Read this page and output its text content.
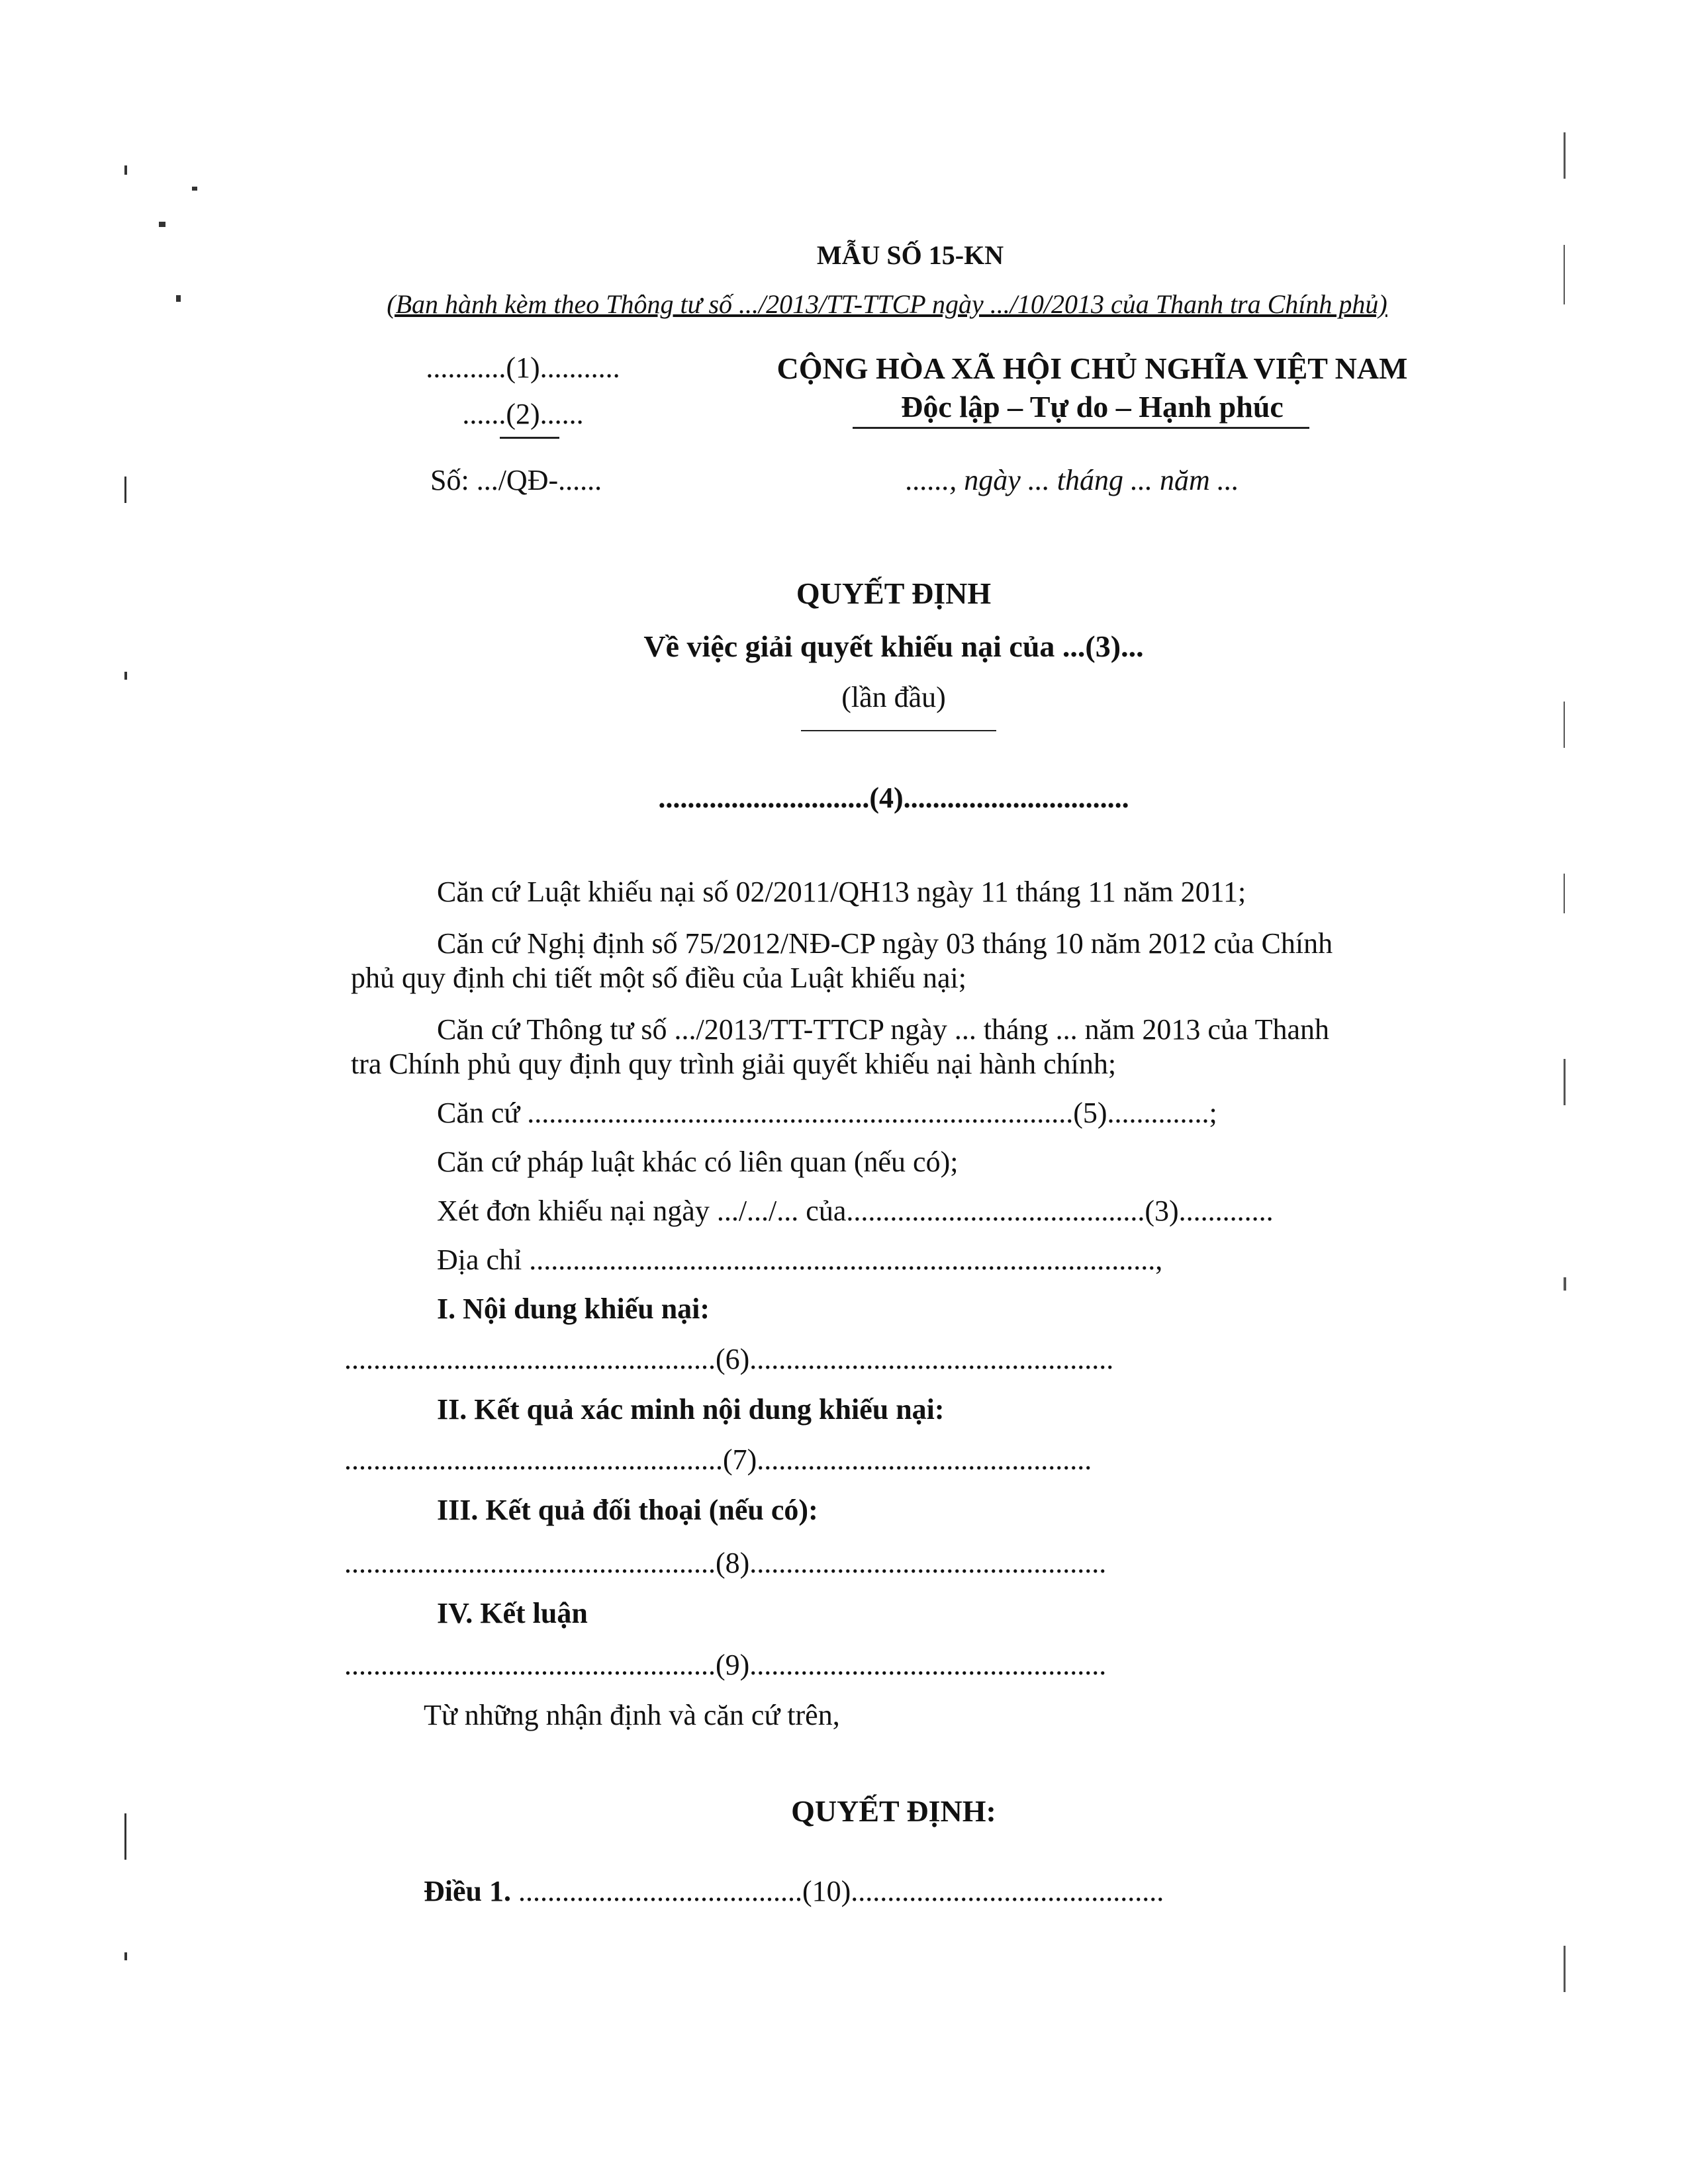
MẪU SỐ 15-KN
(Ban hành kèm theo Thông tư số .../2013/TT-TTCP ngày .../10/2013 của Thanh tra Chính phủ)
...........(1)...........
......(2)......
Số: .../QĐ-......
CỘNG HÒA XÃ HỘI CHỦ NGHĨA VIỆT NAM
Độc lập – Tự do – Hạnh phúc
......, ngày ... tháng ... năm ...
QUYẾT ĐỊNH
Về việc giải quyết khiếu nại của ...(3)...
(lần đầu)
.............................(4)...............................
Căn cứ Luật khiếu nại số 02/2011/QH13 ngày 11 tháng 11 năm 2011;
Căn cứ Nghị định số 75/2012/NĐ-CP ngày 03 tháng 10 năm 2012 của Chính
phủ quy định chi tiết một số điều của Luật khiếu nại;
Căn cứ Thông tư số .../2013/TT-TTCP ngày ... tháng ... năm 2013 của Thanh
tra Chính phủ quy định quy trình giải quyết khiếu nại hành chính;
Căn cứ ...........................................................................(5)..............;
Căn cứ pháp luật khác có liên quan (nếu có);
Xét đơn khiếu nại ngày .../.../... của.........................................(3).............
Địa chỉ ......................................................................................,
I. Nội dung khiếu nại:
...................................................(6)..................................................
II. Kết quả xác minh nội dung khiếu nại:
....................................................(7)..............................................
III. Kết quả đối thoại (nếu có):
...................................................(8).................................................
IV. Kết luận
...................................................(9).................................................
Từ những nhận định và căn cứ trên,
QUYẾT ĐỊNH:
Điều 1. .......................................(10)...........................................
